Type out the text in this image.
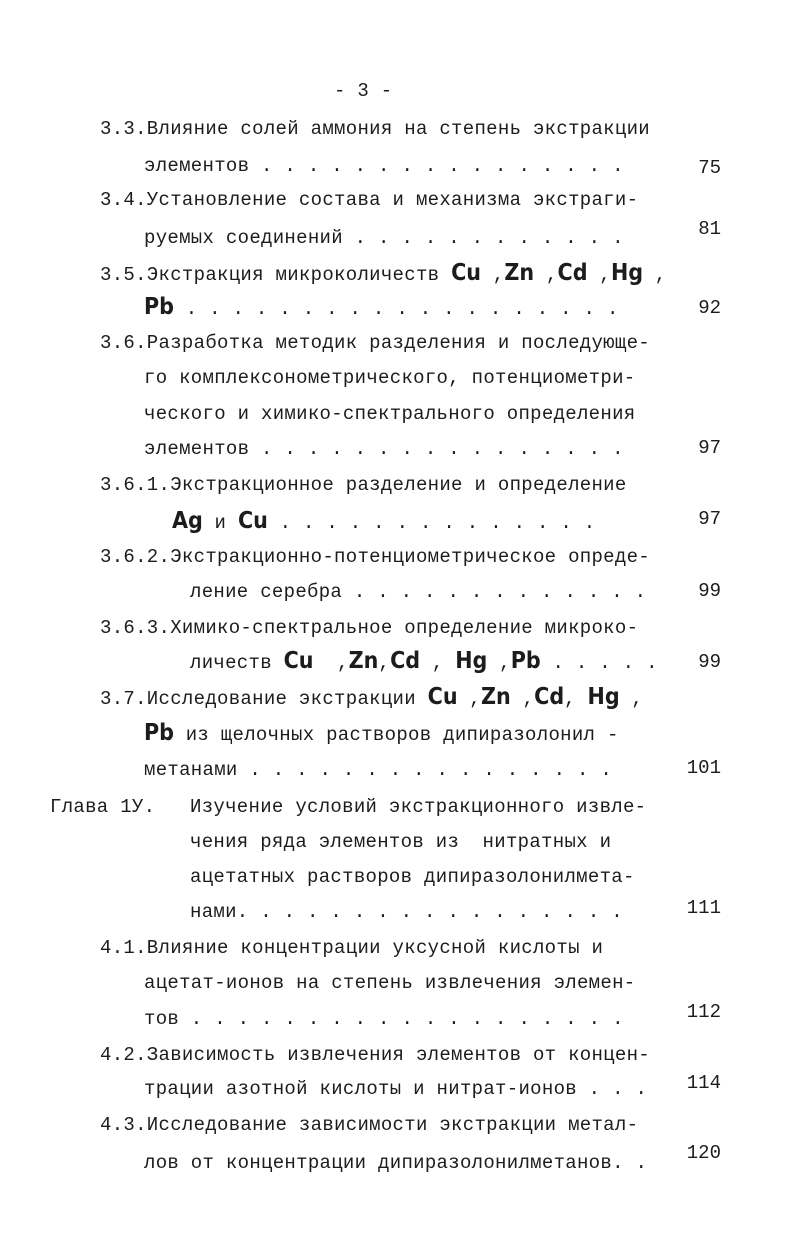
- 3 -
3.3.Влияние солей аммония на степень экстракции
элементов . . . . . . . . . . . . . . . .	75
3.4.Установление состава и механизма экстраги-
руемых соединений . . . . . . . . . . . .	81
3.5.Экстракция микроколичеств Cu ,Zn ,Cd ,Hg ,
Pb . . . . . . . . . . . . . . . . . . .	92
3.6.Разработка методик разделения и последующе-
го комплексонометрического, потенциометри-
ческого и химико-спектрального определения
элементов . . . . . . . . . . . . . . . .	97
3.6.1.Экстракционное разделение и определение
Ag и Cu . . . . . . . . . . . . . .	97
3.6.2.Экстракционно-потенциометрическое опреде-
ление серебра . . . . . . . . . . . . .	99
3.6.3.Химико-спектральное определение микроко-
личеств Cu ,Zn,Cd , Hg ,Pb . . . . .	99
3.7.Исследование экстракции Cu ,Zn ,Cd, Hg ,
Pb из щелочных растворов дипиразолонил -
метанами . . . . . . . . . . . . . . . .	101
Глава 1У. Изучение условий экстракционного извле-
чения ряда элементов из  нитратных и
ацетатных растворов дипиразолонилмета-
нами. . . . . . . . . . . . . . . . .	111
4.1.Влияние концентрации уксусной кислоты и
ацетат-ионов на степень извлечения элемен-
тов . . . . . . . . . . . . . . . . . . .	112
4.2.Зависимость извлечения элементов от концен-
трации азотной кислоты и нитрат-ионов . . .	114
4.3.Исследование зависимости экстракции метал-
лов от концентрации дипиразолонилметанов. .	120
